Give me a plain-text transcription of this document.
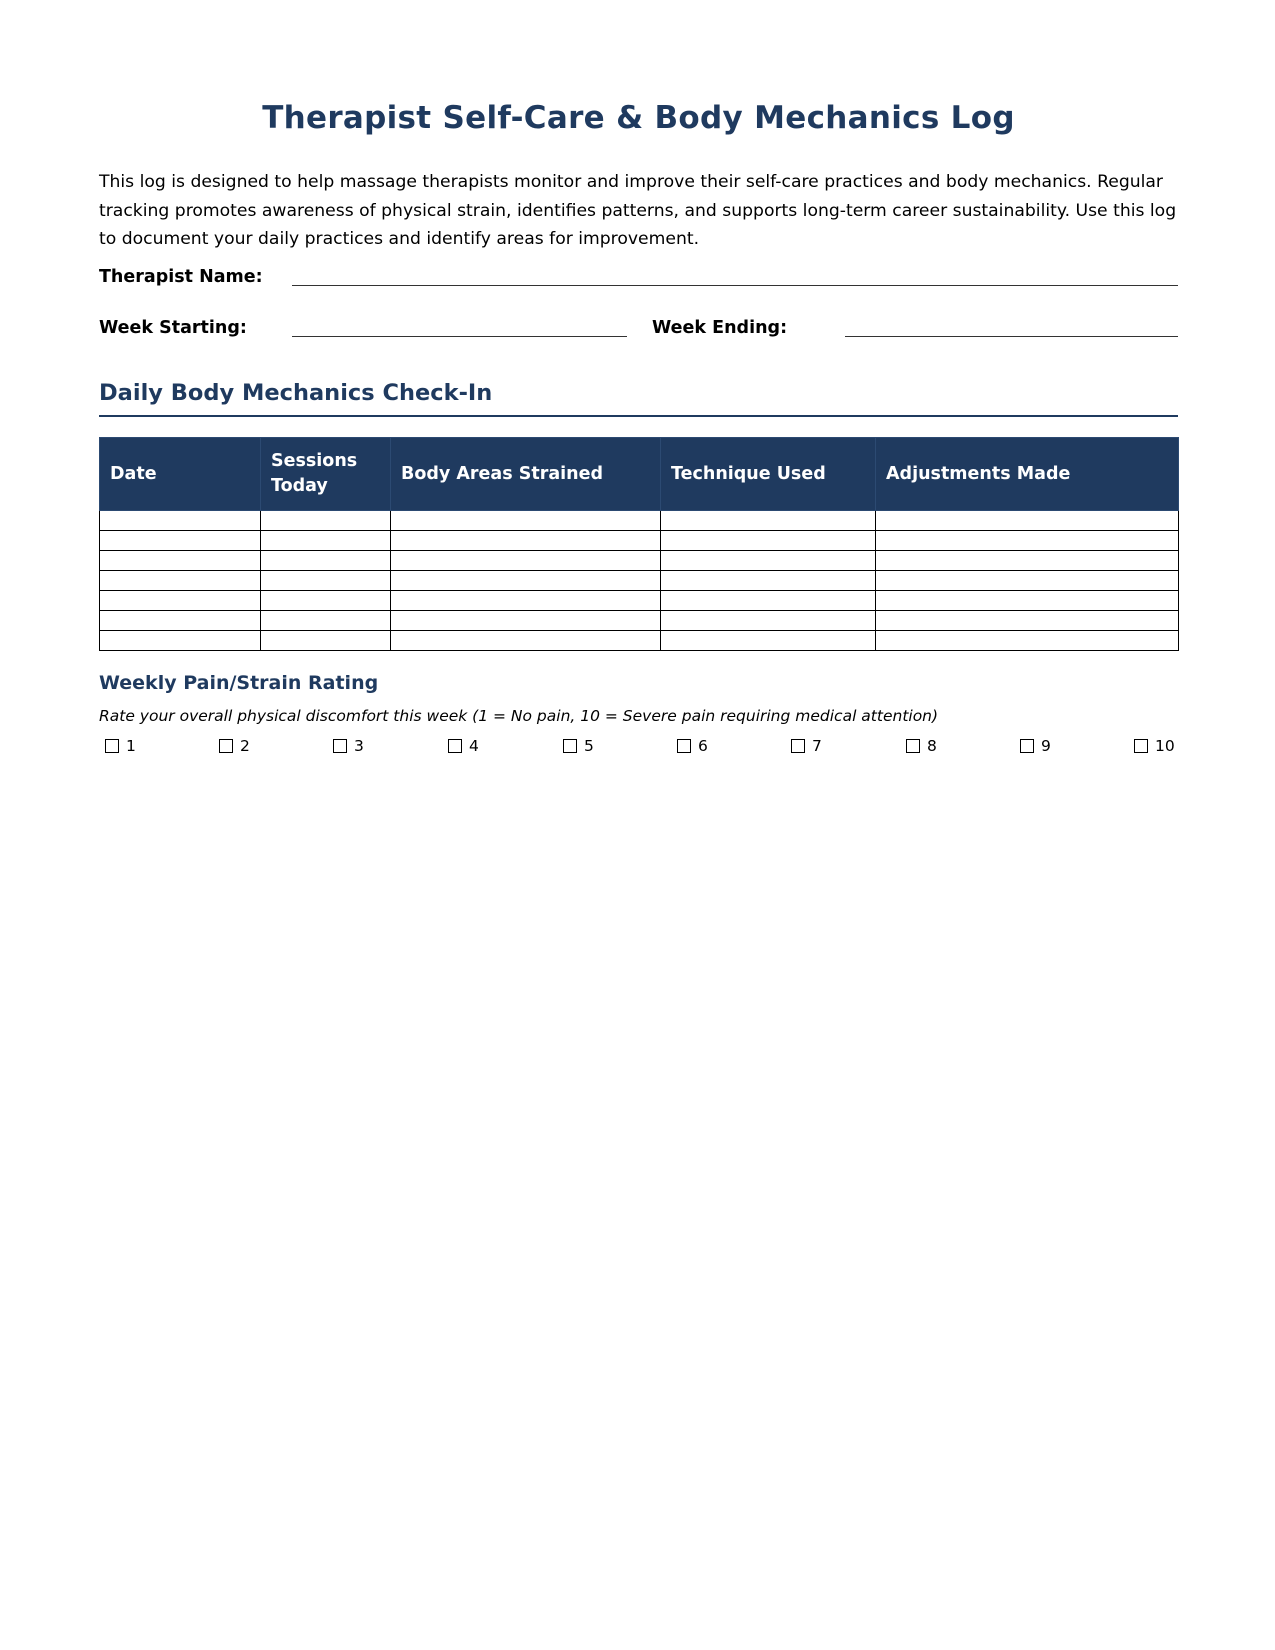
Therapist Self-Care & Body Mechanics Log

This log is designed to help massage therapists monitor and improve their self-care practices and body mechanics. Regular tracking promotes awareness of physical strain, identifies patterns, and supports long-term career sustainability. Use this log to document your daily practices and identify areas for improvement.

Therapist Name:
Week Starting:	Week Ending:
Daily Body Mechanics Check-In
Date	Sessions Today	Body Areas Strained	Technique Used	Adjustments Made

Weekly Pain/Strain Rating

Rate your overall physical discomfort this week (1 = No pain, 10 = Severe pain requiring medical attention)

1	2	3	4	5	6	7	8	9	10
